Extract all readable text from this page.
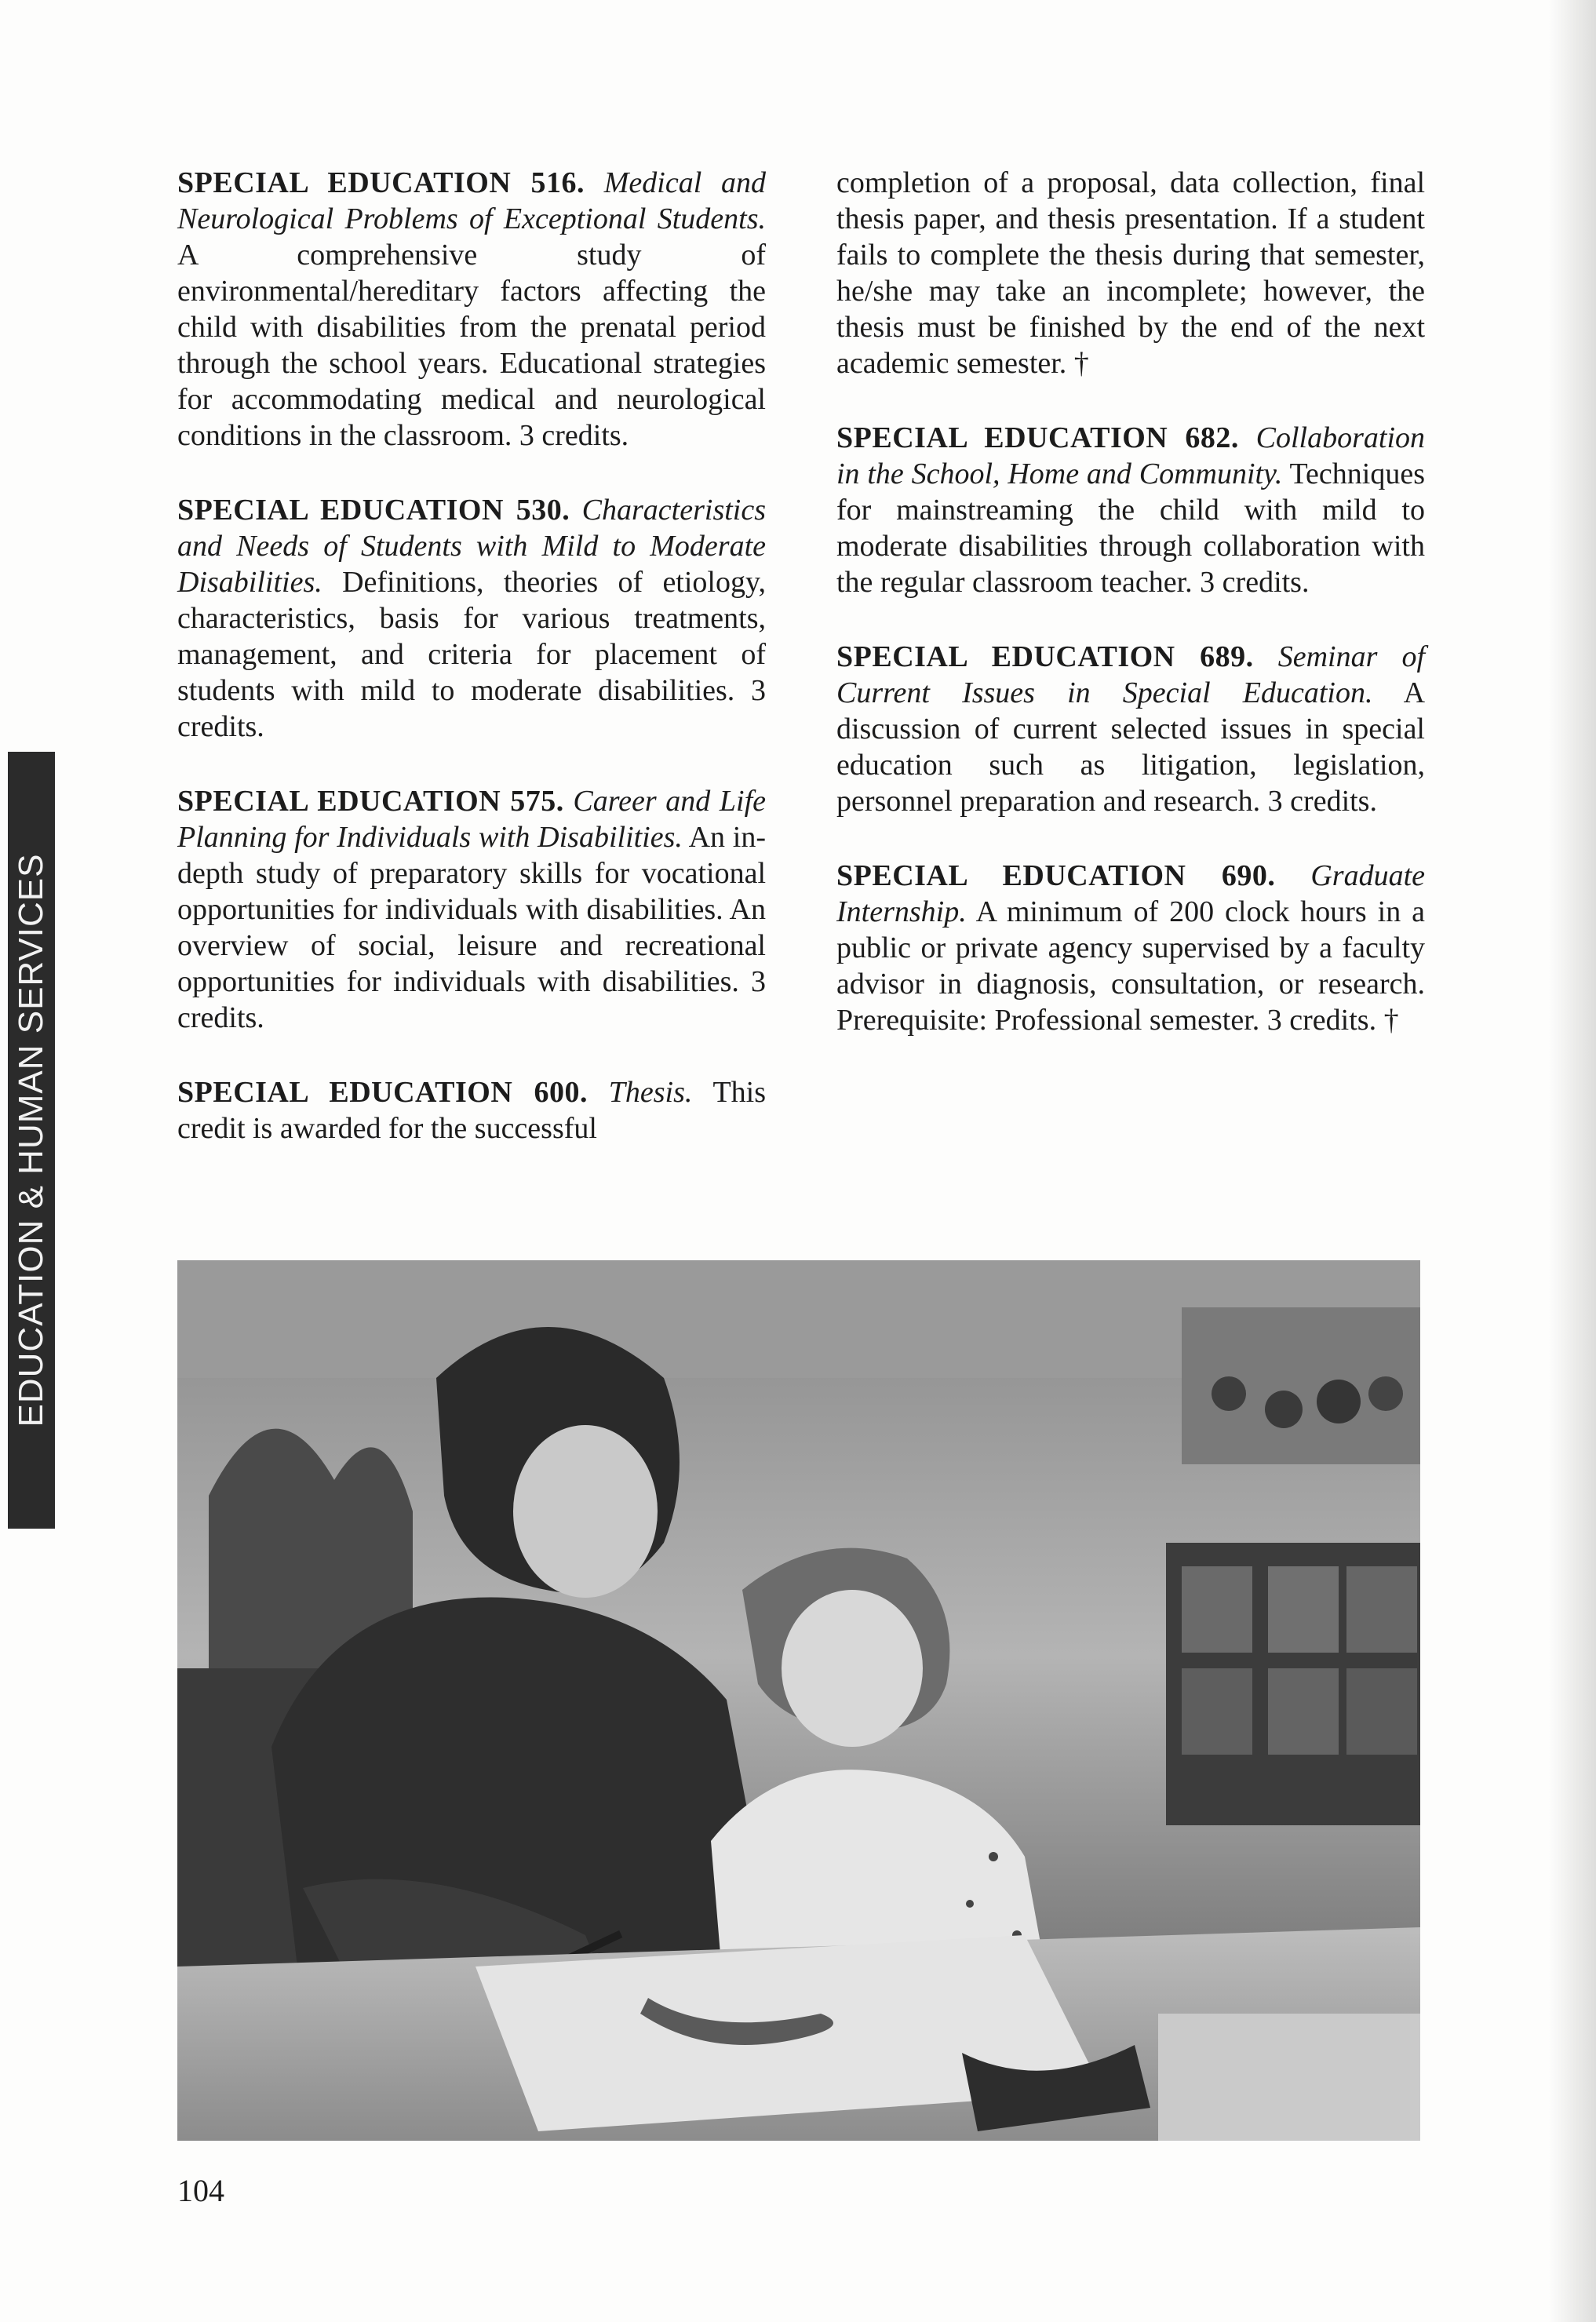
EDUCATION & HUMAN SERVICES

SPECIAL EDUCATION 516. Medical and Neurological Problems of Exceptional Students. A comprehensive study of environmental/hereditary factors affecting the child with disabilities from the prenatal period through the school years. Educational strategies for accommodating medical and neurological conditions in the classroom. 3 credits.

SPECIAL EDUCATION 530. Characteristics and Needs of Students with Mild to Moderate Disabilities. Definitions, theories of etiology, characteristics, basis for various treatments, management, and criteria for placement of students with mild to moderate disabilities. 3 credits.

SPECIAL EDUCATION 575. Career and Life Planning for Individuals with Disabilities. An in-depth study of preparatory skills for vocational opportunities for individuals with disabilities. An overview of social, leisure and recreational opportunities for individuals with disabilities. 3 credits.

SPECIAL EDUCATION 600. Thesis. This credit is awarded for the successful

completion of a proposal, data collection, final thesis paper, and thesis presentation. If a student fails to complete the thesis during that semester, he/she may take an incomplete; however, the thesis must be finished by the end of the next academic semester. †

SPECIAL EDUCATION 682. Collaboration in the School, Home and Community. Techniques for mainstreaming the child with mild to moderate disabilities through collaboration with the regular classroom teacher. 3 credits.

SPECIAL EDUCATION 689. Seminar of Current Issues in Special Education. A discussion of current selected issues in special education such as litigation, legislation, personnel preparation and research. 3 credits.

SPECIAL EDUCATION 690. Graduate Internship. A minimum of 200 clock hours in a public or private agency supervised by a faculty advisor in diagnosis, consultation, or research. Prerequisite: Professional semester. 3 credits. †

104
